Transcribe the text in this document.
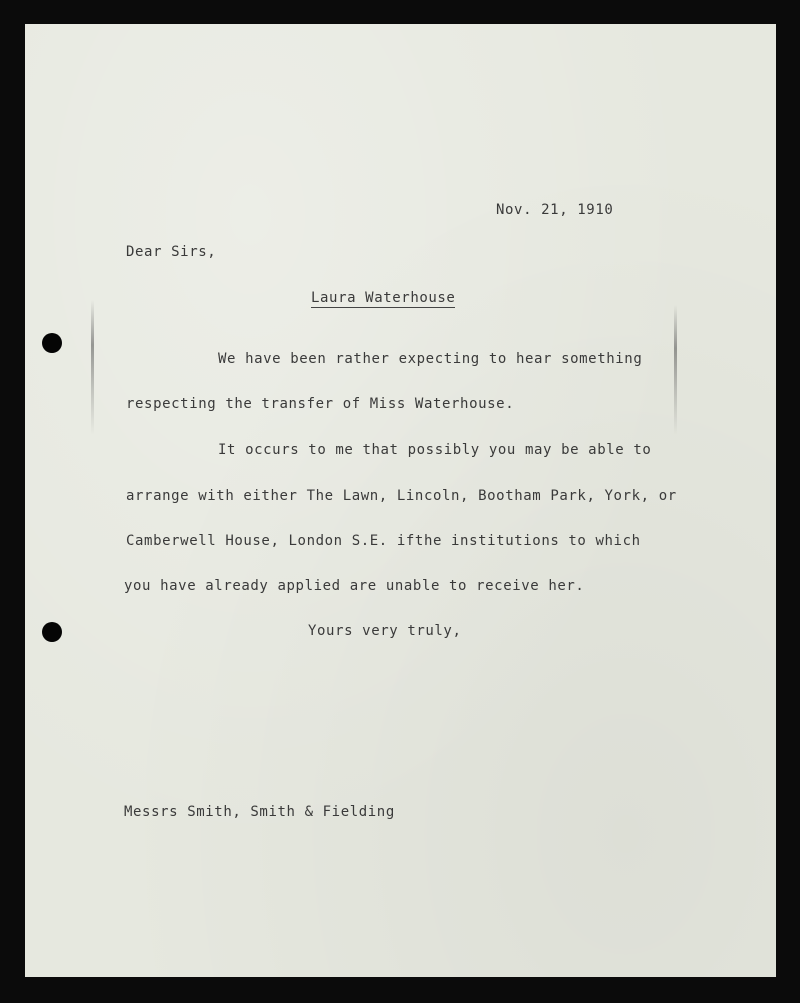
Nov. 21, 1910
Dear Sirs,
Laura Waterhouse
We have been rather expecting to hear something
respecting the transfer of Miss Waterhouse.
It occurs to me that possibly you may be able to
arrange with either The Lawn, Lincoln, Bootham Park, York, or
Camberwell House, London S.E. ifthe institutions to which
you have already applied are unable to receive her.
Yours very truly,
Messrs Smith, Smith & Fielding
